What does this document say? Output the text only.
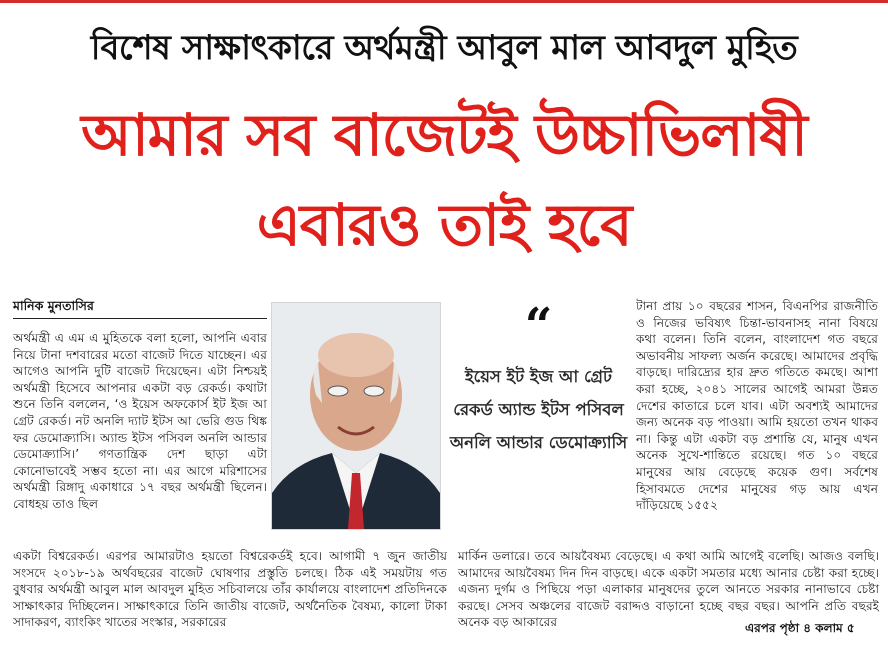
বিশেষ সাক্ষাৎকারে অর্থমন্ত্রী আবুল মাল আবদুল মুহিত
আমার সব বাজেটই উচ্চাভিলাষী
এবারও তাই হবে
মানিক মুনতাসির

অর্থমন্ত্রী এ এম এ মুহিতকে বলা হলো, আপনি এবার নিয়ে টানা দশবারের মতো বাজেট দিতে যাচ্ছেন। এর আগেও আপনি দুটি বাজেট দিয়েছেন। এটা নিশ্চয়ই অর্থমন্ত্রী হিসেবে আপনার একটা বড় রেকর্ড। কথাটা শুনে তিনি বললেন, ‘ও ইয়েস অফকোর্স ইট ইজ আ গ্রেট রেকর্ড। নট অনলি দ্যাট ইটস আ ভেরি গুড থিঙ্ক ফর ডেমোক্র্যাসি। অ্যান্ড ইটস পসিবল অনলি আন্ডার ডেমোক্র্যাসি।’ গণতান্ত্রিক দেশ ছাড়া এটা কোনোভাবেই সম্ভব হতো না। এর আগে মরিশাসের অর্থমন্ত্রী রিঙ্গাদু একাধারে ১৭ বছর অর্থমন্ত্রী ছিলেন। বোধহয় তাও ছিল

“
ইয়েস ইট ইজ আ গ্রেট রেকর্ড অ্যান্ড ইটস পসিবল অনলি আন্ডার ডেমোক্র্যাসি

টানা প্রায় ১০ বছরের শাসন, বিএনপির রাজনীতি ও নিজের ভবিষ্যৎ চিন্তা-ভাবনাসহ নানা বিষয়ে কথা বলেন। তিনি বলেন, বাংলাদেশ গত বছরে অভাবনীয় সাফল্য অর্জন করেছে। আমাদের প্রবৃদ্ধি বাড়ছে। দারিদ্র্যের হার দ্রুত গতিতে কমছে। আশা করা হচ্ছে, ২০৪১ সালের আগেই আমরা উন্নত দেশের কাতারে চলে যাব। এটা অবশ্যই আমাদের জন্য অনেক বড় পাওয়া। আমি হয়তো তখন থাকব না। কিন্তু এটা একটা বড় প্রশান্তি যে, মানুষ এখন অনেক সুখে-শান্তিতে রয়েছে। গত ১০ বছরে মানুষের আয় বেড়েছে কয়েক গুণ। সর্বশেষ হিসাবমতে দেশের মানুষের গড় আয় এখন দাঁড়িয়েছে ১৫৫২

একটা বিশ্বরেকর্ড। এরপর আমারটাও হয়তো বিশ্বরেকর্ডই হবে। আগামী ৭ জুন জাতীয় সংসদে ২০১৮-১৯ অর্থবছরের বাজেট ঘোষণার প্রস্তুতি চলছে। ঠিক এই সময়টায় গত বুধবার অর্থমন্ত্রী আবুল মাল আবদুল মুহিত সচিবালয়ে তাঁর কার্যালয়ে বাংলাদেশ প্রতিদিনকে সাক্ষাৎকার দিচ্ছিলেন। সাক্ষাৎকারে তিনি জাতীয় বাজেট, অর্থনৈতিক বৈষম্য, কালো টাকা সাদাকরণ, ব্যাংকিং খাতের সংস্কার, সরকারের
মার্কিন ডলারে। তবে আয়বৈষম্য বেড়েছে। এ কথা আমি আগেই বলেছি। আজও বলছি। আমাদের আয়বৈষম্য দিন দিন বাড়ছে। একে একটা সমতার মধ্যে আনার চেষ্টা করা হচ্ছে। এজন্য দুর্গম ও পিছিয়ে পড়া এলাকার মানুষদের তুলে আনতে সরকার নানাভাবে চেষ্টা করছে। সেসব অঞ্চলের বাজেট বরাদ্দও বাড়ানো হচ্ছে বছর বছর। আপনি প্রতি বছরই অনেক বড় আকারের	এরপর পৃষ্ঠা ৪ কলাম ৫
